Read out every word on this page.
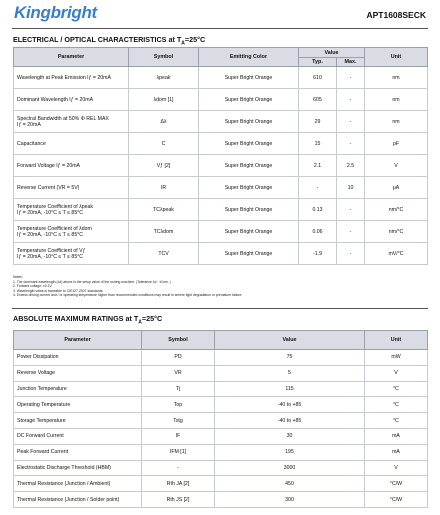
Kingbright	APT1608SECK
ELECTRICAL / OPTICAL CHARACTERISTICS at $T_A=25^\circ C$
Parameter	Symbol	Emitting Color	Value		Unit
			Typ.	Max.	

Wavelength at Peak Emission Iƒ = 20mA	λpeak	Super Bright Orange	610	-	nm

Dominant Wavelength Iƒ = 20mA	λdom [1]	Super Bright Orange	605	-	nm

Spectral Bandwidth at 50% Φ REL MAX
Iƒ = 20mA	Δλ	Super Bright Orange	29	-	nm

Capacitance	C	Super Bright Orange	15	-	pF

Forward Voltage Iƒ = 20mA	Vƒ [2]	Super Bright Orange	2.1	2.5	V

Reverse Current (VR = 5V)	IR	Super Bright Orange	-	10	μA

Temperature Coefficient of λpeak
Iƒ = 20mA, -10°C ≤ T ≤ 85°C	TCλpeak	Super Bright Orange	0.13	-	nm/°C

Temperature Coefficient of λdom
Iƒ = 20mA, -10°C ≤ T ≤ 85°C	TCλdom	Super Bright Orange	0.06	-	nm/°C

Temperature Coefficient of Vƒ
Iƒ = 20mA, -10°C ≤ T ≤ 85°C	TCV	Super Bright Orange	-1.9	-	mV/°C
Notes:
1. The dominant wavelength (λd) above is the setup value of the sorting machine. (Tolerance λd : ±1nm. )
2. Forward voltage: ±0.1V.
3. Wavelength value is traceable to CIE127-2007 standards.
4. Excess driving current and / or operating temperature higher than recommended conditions may result in severe light degradation or premature failure.
ABSOLUTE MAXIMUM RATINGS at $T_A=25^\circ C$
Parameter	Symbol	Value	Unit
Power Dissipation	PD	75	mW
Reverse Voltage	VR	5	V
Junction Temperature	Tj	115	°C
Operating Temperature	Top	-40 to +85	°C
Storage Temperature	Tstg	-40 to +85	°C
DC Forward Current	IF	30	mA
Peak Forward Current	IFM [1]	195	mA
Electrostatic Discharge Threshold (HBM)	-	3000	V
Thermal Resistance (Junction / Ambient)	Rth JA [2]	450	°C/W
Thermal Resistance (Junction / Solder point)	Rth JS [2]	300	°C/W
